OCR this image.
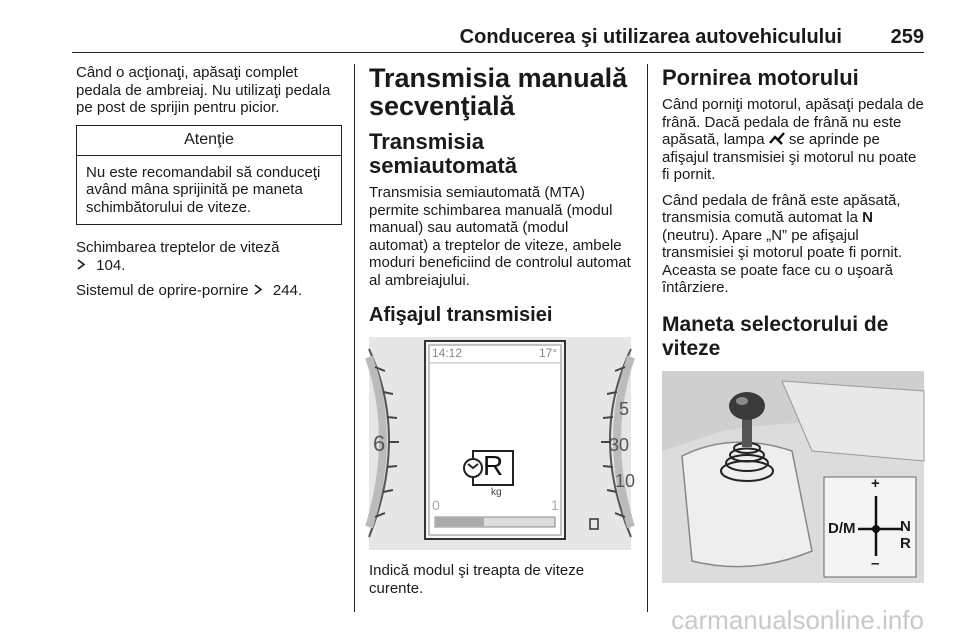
Conducerea şi utilizarea autovehiculului 259

Când o acţionaţi, apăsaţi complet pedala de ambreiaj. Nu utilizaţi pedala pe post de sprijin pentru picior.

Atenţie
Nu este recomandabil să conduceţi având mâna sprijinită pe maneta schimbătorului de viteze.

Schimbarea treptelor de viteză
104.

Sistemul de oprire-pornire 244.

Transmisia manuală secvenţială
Transmisia semiautomată

Transmisia semiautomată (MTA) permite schimbarea manuală (modul manual) sau automată (modul automat) a treptelor de viteze, ambele moduri beneficiind de controlul automat al ambreiajului.

Afişajul transmisiei
14:12	17°
R
kg
0	1
6
5
30
10

Indică modul şi treapta de viteze curente.

Pornirea motorului

Când porniţi motorul, apăsaţi pedala de frână. Dacă pedala de frână nu este apăsată, lampa se aprinde pe afişajul transmisiei şi motorul nu poate fi pornit.

Când pedala de frână este apăsată, transmisia comută automat la N (neutru). Apare „N” pe afişajul transmisiei şi motorul poate fi pornit. Aceasta se poate face cu o uşoară întârziere.

Maneta selectorului de viteze
+
–
D/M	N
R
carmanualsonline.info
